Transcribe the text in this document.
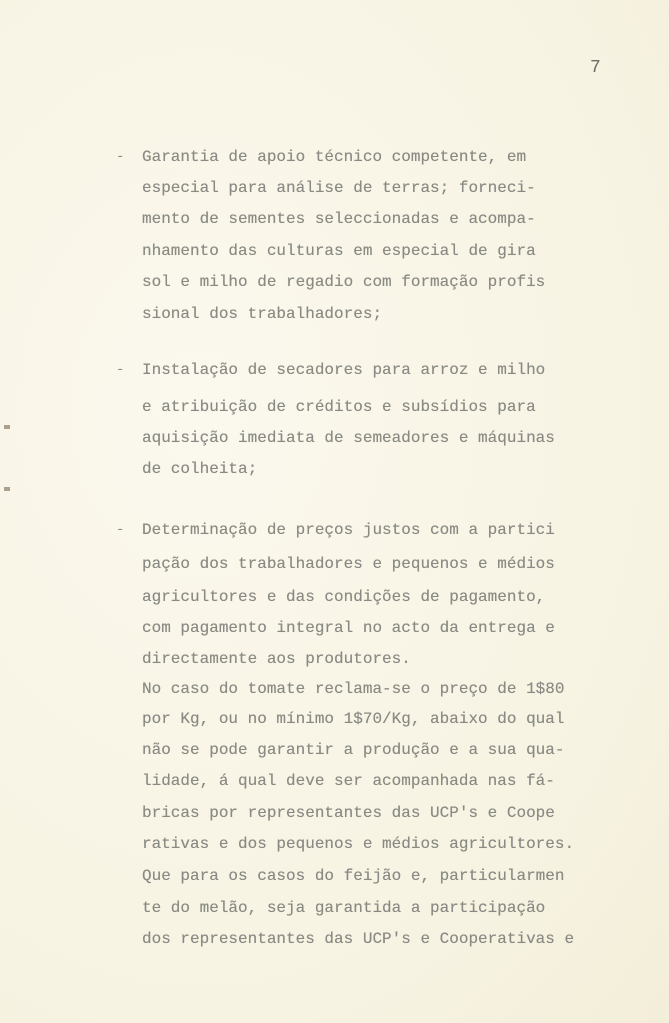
7
- Garantia de apoio técnico competente, em
especial para análise de terras; forneci-
mento de sementes seleccionadas e acompa-
nhamento das culturas em especial de gira
sol e milho de regadio com formação profis
sional dos trabalhadores;
- Instalação de secadores para arroz e milho
e atribuição de créditos e subsídios para
aquisição imediata de semeadores e máquinas
de colheita;
- Determinação de preços justos com a partici
pação dos trabalhadores e pequenos e médios
agricultores e das condições de pagamento,
com pagamento integral no acto da entrega e
directamente aos produtores.
No caso do tomate reclama-se o preço de 1$80
por Kg, ou no mínimo 1$70/Kg, abaixo do qual
não se pode garantir a produção e a sua qua-
lidade, á qual deve ser acompanhada nas fá-
bricas por representantes das UCP's e Coope
rativas e dos pequenos e médios agricultores.
Que para os casos do feijão e, particularmen
te do melão, seja garantida a participação
dos representantes das UCP's e Cooperativas e
